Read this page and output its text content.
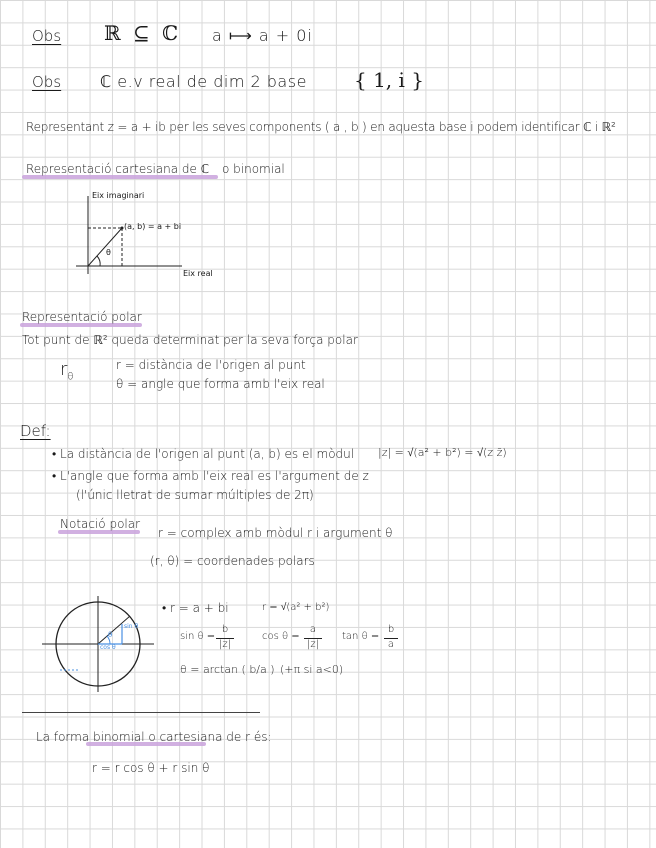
Obs ℝ ⊆ ℂ a ⟼ a + 0i
Obs ℂ e.v real de dim 2 base { 1, i }
Representant z = a + ib per les seves components ( a , b ) en aquesta base i podem identificar ℂ i ℝ²
Representació cartesiana de ℂ o binomial
Eix imaginari
Eix real
(a, b) = a + bi
θ
Representació polar
Tot punt de ℝ² queda determinat per la seva força polar
$r_\theta$
r = distància de l'origen al punt
θ = angle que forma amb l'eix real
Def:
• La distància de l'origen al punt (a, b) es el mòdul |z| = √(a² + b²) = √(z z̄)
• L'angle que forma amb l'eix real es l'argument de z
(l'únic lletrat de sumar múltiples de 2π)
Notació polar
r = complex amb mòdul r i argument θ
(r, θ) = coordenades polars
θ
cos θ
sin θ
• r = a + bi	r = √(a² + b²)
sin θ =
b
|z|
cos θ =
a
|z|
tan θ =
b
a
θ = arctan ( b/a ) (+π si a<0)
La forma binomial o cartesiana de r és:
r = r cos θ + r sin θ
